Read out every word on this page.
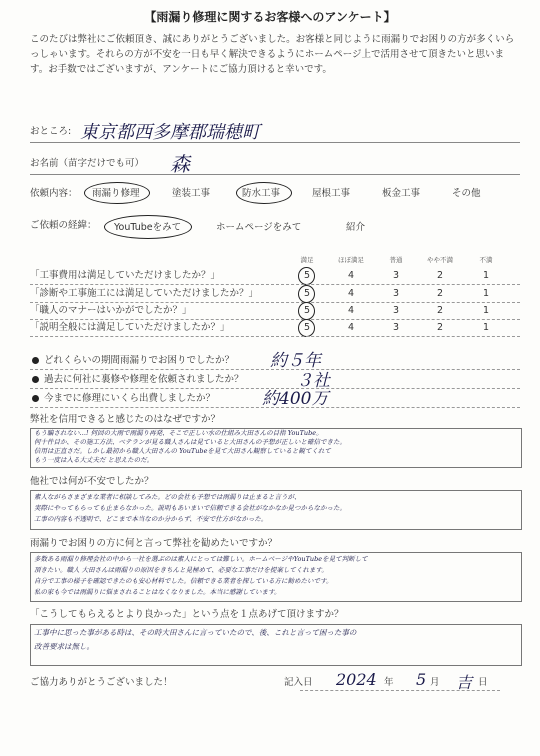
【雨漏り修理に関するお客様へのアンケート】
このたびは弊社にご依頼頂き、誠にありがとうございました。お客様と同じように雨漏りでお困りの方が多くいらっしゃいます。それらの方が不安を一日も早く解決できるようにホームページ上で活用させて頂きたいと思います。お手数ではございますが、アンケートにご協力頂けると幸いです。
おところ: 東京都西多摩郡瑞穂町
お名前（苗字だけでも可） 森
依頼内容： 雨漏り修理	塗装工事	防水工事	屋根工事	板金工事	その他
ご依頼の経緯： YouTubeをみて	ホームページをみて	紹介
満足	ほぼ満足	普通	やや不満	不満
「工事費用は満足していただけましたか？」	5	4	3	2	1
「診断や工事施工には満足していただけましたか？」	5	4	3	2	1
「職人のマナーはいかがでしたか？」	5	4	3	2	1
「説明全般には満足していただけましたか？」	5	4	3	2	1
どれくらいの期間雨漏りでお困りでしたか？ 約５年
過去に何社に裏修や修理を依頼されましたか？	３社
今までに修理にいくら出費しましたか？	約400万
弊社を信用できると感じたのはなぜですか？
もう騙されない…! 何回の大雨で雨漏り再発、そこで正しい水の仕組み大田さんの目指 YouTube。
何十件目か、その施工方法、ベテランが見る職人さんは見ていると大田さんの予想が正しいと確信できた。
信用は正直さだ。しかし最初から職人大田さんの YouTubeを見て大田さん観察していると観てくれて
もう一度は入る大丈夫だ と思えたのだ。
他社では何が不安でしたか？
素人ながらさまざまな業者に相談してみた。どの会社も予想では雨漏りは止まると言うが、
実際にやってもらっても止まらなかった。説明もあいまいで信頼できる会社がなかなか見つからなかった。
工事の内容も不透明で、どこまで本当なのか分からず、不安で仕方がなかった。
雨漏りでお困りの方に何と言って弊社を勧めたいですか？
多数ある雨漏り修理会社の中から一社を選ぶのは素人にとっては難しい。ホームページやYouTubeを見て判断して
頂きたい。職人 大田さんは雨漏りの原因をきちんと見極めて、必要な工事だけを提案してくれます。
自分で工事の様子を確認できたのも安心材料でした。信頼できる業者を探している方に勧めたいです。
私の家も今では雨漏りに悩まされることはなくなりました。本当に感謝しています。
「こうしてもらえるとより良かった」という点を１点あげて頂けますか？
工事中に思った事がある時は、その時大田さんに言っていたので、後、これと言って困った事の
改善要求は無し。
ご協力ありがとうございました！	記入日 2024 年 5 月 吉 日
